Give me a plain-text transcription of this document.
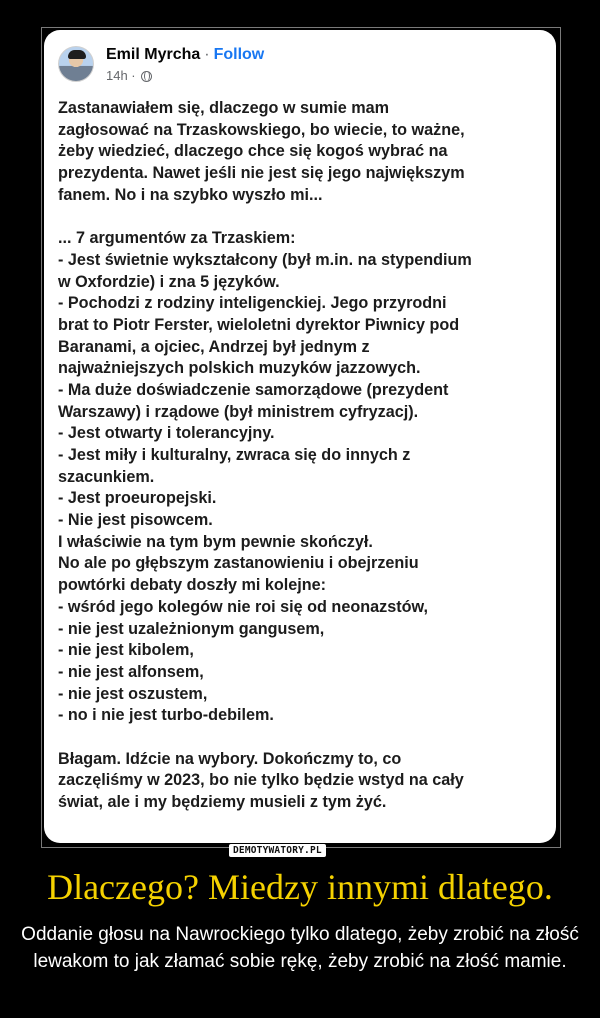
Emil Myrcha · Follow
14h ·
Zastanawiałem się, dlaczego w sumie mam
zagłosować na Trzaskowskiego, bo wiecie, to ważne,
żeby wiedzieć, dlaczego chce się kogoś wybrać na
prezydenta. Nawet jeśli nie jest się jego największym
fanem. No i na szybko wyszło mi...
... 7 argumentów za Trzaskiem:
- Jest świetnie wykształcony (był m.in. na stypendium
w Oxfordzie) i zna 5 języków.
- Pochodzi z rodziny inteligenckiej. Jego przyrodni
brat to Piotr Ferster, wieloletni dyrektor Piwnicy pod
Baranami, a ojciec, Andrzej był jednym z
najważniejszych polskich muzyków jazzowych.
- Ma duże doświadczenie samorządowe (prezydent
Warszawy) i rządowe (był ministrem cyfryzacj).
- Jest otwarty i tolerancyjny.
- Jest miły i kulturalny, zwraca się do innych z
szacunkiem.
- Jest proeuropejski.
- Nie jest pisowcem.
I właściwie na tym bym pewnie skończył.
No ale po głębszym zastanowieniu i obejrzeniu
powtórki debaty doszły mi kolejne:
- wśród jego kolegów nie roi się od neonazstów,
- nie jest uzależnionym gangusem,
- nie jest kibolem,
- nie jest alfonsem,
- nie jest oszustem,
- no i nie jest turbo-debilem.
Błagam. Idźcie na wybory. Dokończmy to, co
zaczęliśmy w 2023, bo nie tylko będzie wstyd na cały
świat, ale i my będziemy musieli z tym żyć.
DEMOTYWATORY.PL
Dlaczego? Miedzy innymi dlatego.
Oddanie głosu na Nawrockiego tylko dlatego, żeby zrobić na złość lewakom to jak złamać sobie rękę, żeby zrobić na złość mamie.
